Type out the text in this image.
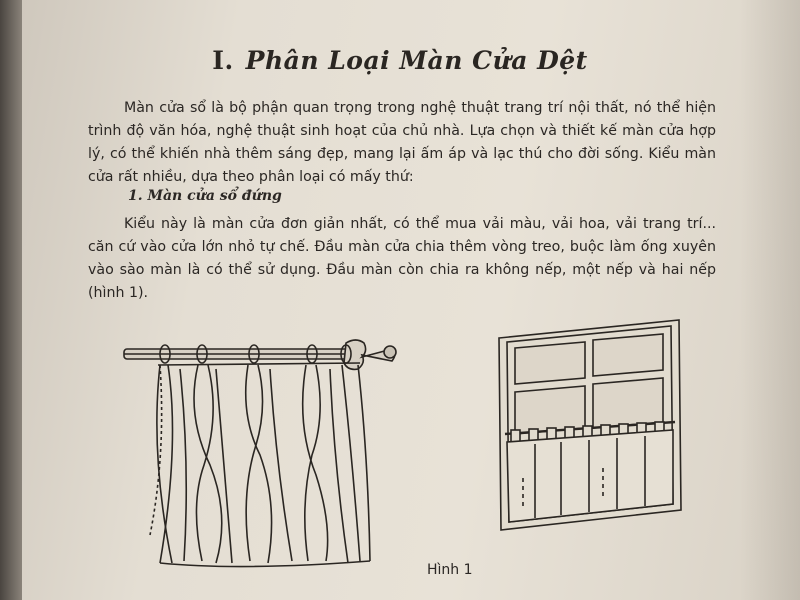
I. Phân Loại Màn Cửa Dệt

Màn cửa sổ là bộ phận quan trọng trong nghệ thuật trang trí nội thất, nó thể hiện trình độ văn hóa, nghệ thuật sinh hoạt của chủ nhà. Lựa chọn và thiết kế màn cửa hợp lý, có thể khiến nhà thêm sáng đẹp, mang lại ấm áp và lạc thú cho đời sống. Kiểu màn cửa rất nhiều, dựa theo phân loại có mấy thứ:

1. Màn cửa sổ đứng

Kiểu này là màn cửa đơn giản nhất, có thể mua vải màu, vải hoa, vải trang trí... căn cứ vào cửa lớn nhỏ tự chế. Đầu màn cửa chia thêm vòng treo, buộc làm ống xuyên vào sào màn là có thể sử dụng. Đầu màn còn chia ra không nếp, một nếp và hai nếp (hình 1).

Hình 1
